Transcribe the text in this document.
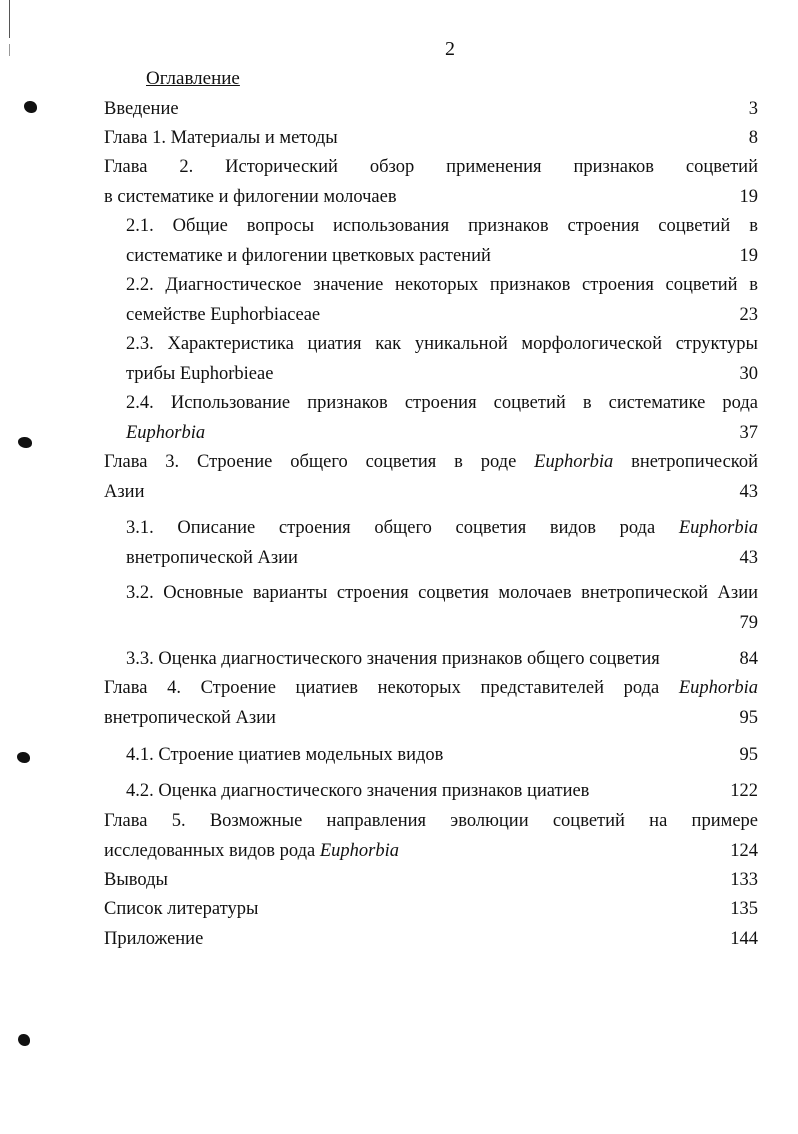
2
Оглавление
Введение	3
Глава 1. Материалы и методы	8
Глава 2. Исторический обзор применения признаков соцветий
в систематике и филогении молочаев	19
2.1. Общие вопросы использования признаков строения соцветий в
систематике и филогении цветковых растений	19
2.2. Диагностическое значение некоторых признаков строения соцветий в
семействе Euphorbiaceae	23
2.3. Характеристика циатия как уникальной морфологической структуры
трибы Euphorbieae	30
2.4. Использование признаков строения соцветий в систематике рода
Euphorbia	37
Глава 3. Строение общего соцветия в роде Euphorbia внетропической
Азии	43
3.1. Описание строения общего соцветия видов рода Euphorbia
внетропической Азии	43
3.2. Основные варианты строения соцветия молочаев внетропической Азии
79
3.3. Оценка диагностического значения признаков общего соцветия	84
Глава 4. Строение циатиев некоторых представителей рода Euphorbia
внетропической Азии	95
4.1. Строение циатиев модельных видов	95
4.2. Оценка диагностического значения признаков циатиев	122
Глава 5. Возможные направления эволюции соцветий на примере
исследованных видов рода Euphorbia	124
Выводы	133
Список литературы	135
Приложение	144
